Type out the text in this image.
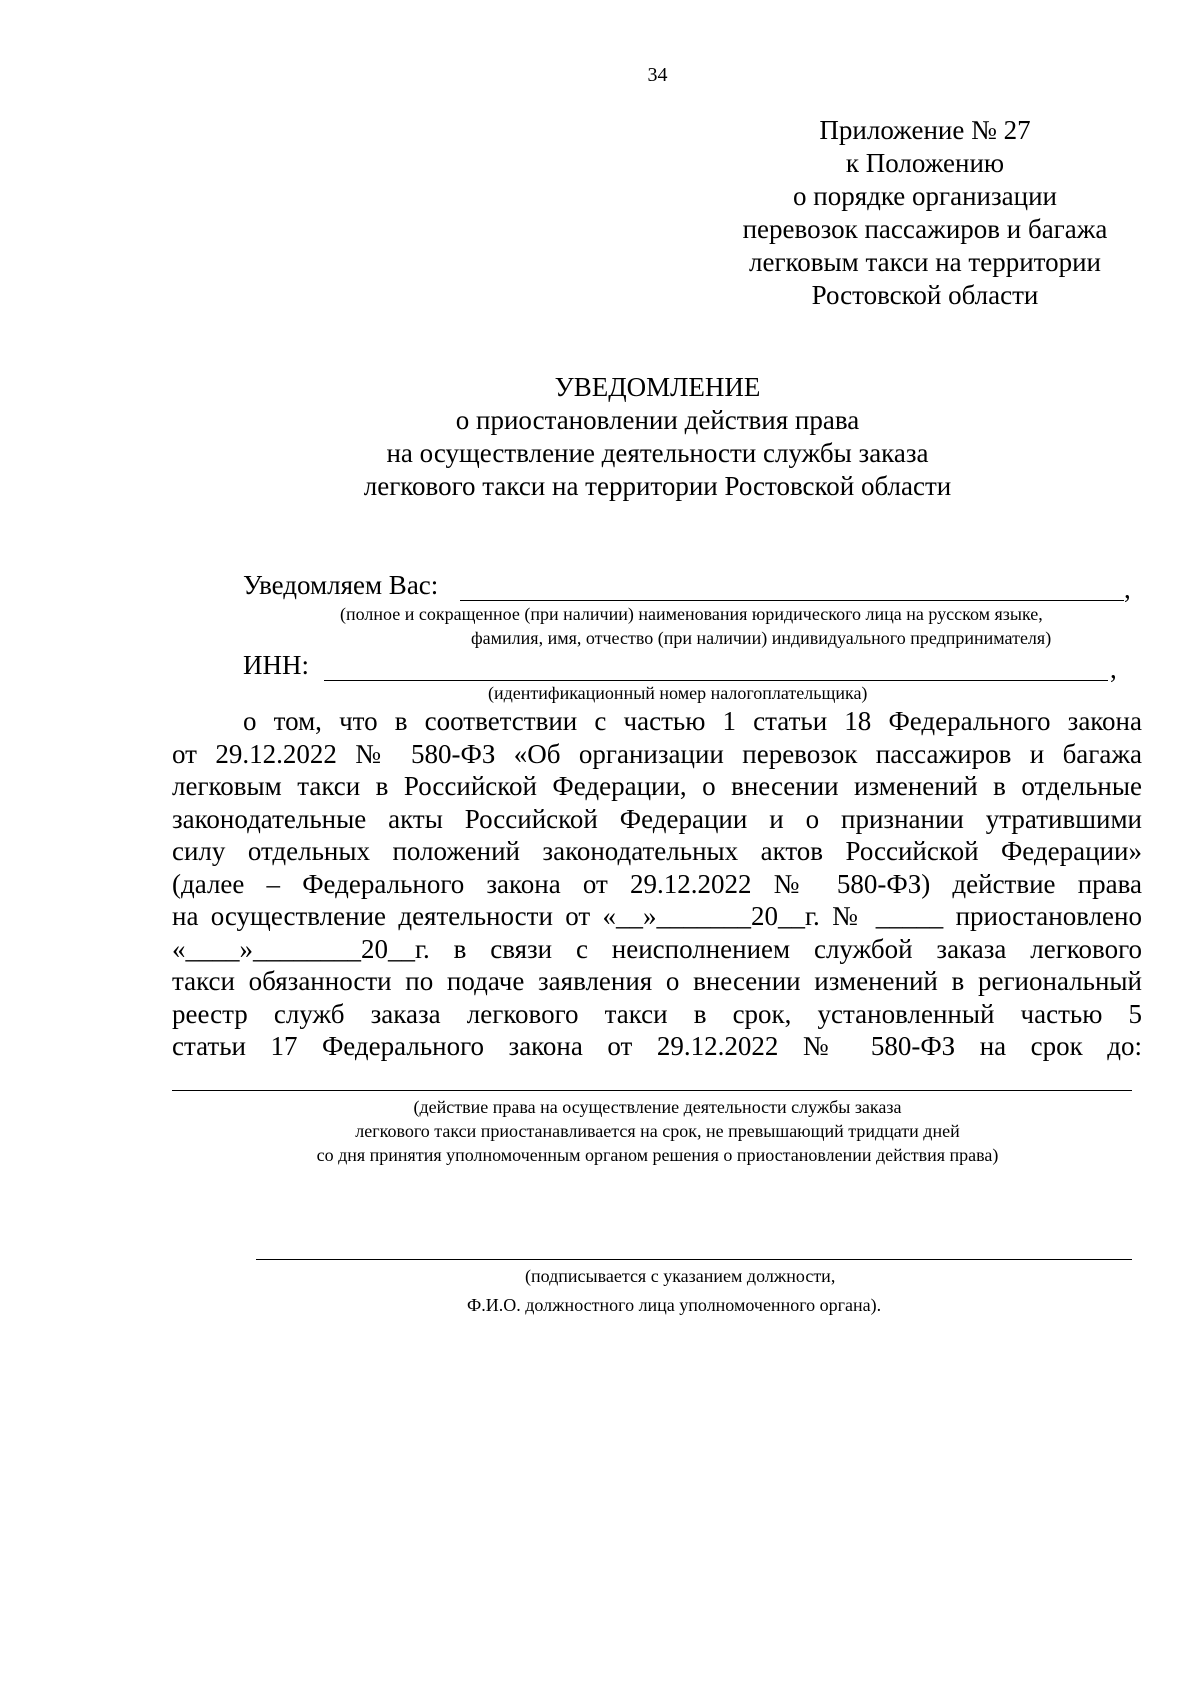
34
Приложение № 27
к Положению
о порядке организации
перевозок пассажиров и багажа
легковым такси на территории
Ростовской области
УВЕДОМЛЕНИЕ
о приостановлении действия права
на осуществление деятельности службы заказа
легкового такси на территории Ростовской области
Уведомляем Вас:	,
(полное и сокращенное (при наличии) наименования юридического лица на русском языке,
фамилия, имя, отчество (при наличии) индивидуального предпринимателя)
ИНН:	,
(идентификационный номер налогоплательщика)
о том, что в соответствии с частью 1 статьи 18 Федерального закона
от 29.12.2022 № 580-ФЗ «Об организации перевозок пассажиров и багажа
легковым такси в Российской Федерации, о внесении изменений в отдельные
законодательные акты Российской Федерации и о признании утратившими
силу отдельных положений законодательных актов Российской Федерации»
(далее – Федерального закона от 29.12.2022 № 580-ФЗ) действие права
на осуществление деятельности от «__»_______20__г. № _____ приостановлено
«____»________20__г. в связи с неисполнением службой заказа легкового
такси обязанности по подаче заявления о внесении изменений в региональный
реестр служб заказа легкового такси в срок, установленный частью 5
статьи 17 Федерального закона от 29.12.2022 № 580-ФЗ на срок до:
(действие права на осуществление деятельности службы заказа
легкового такси приостанавливается на срок, не превышающий тридцати дней
со дня принятия уполномоченным органом решения о приостановлении действия права)
(подписывается с указанием должности,
Ф.И.О. должностного лица уполномоченного органа).
